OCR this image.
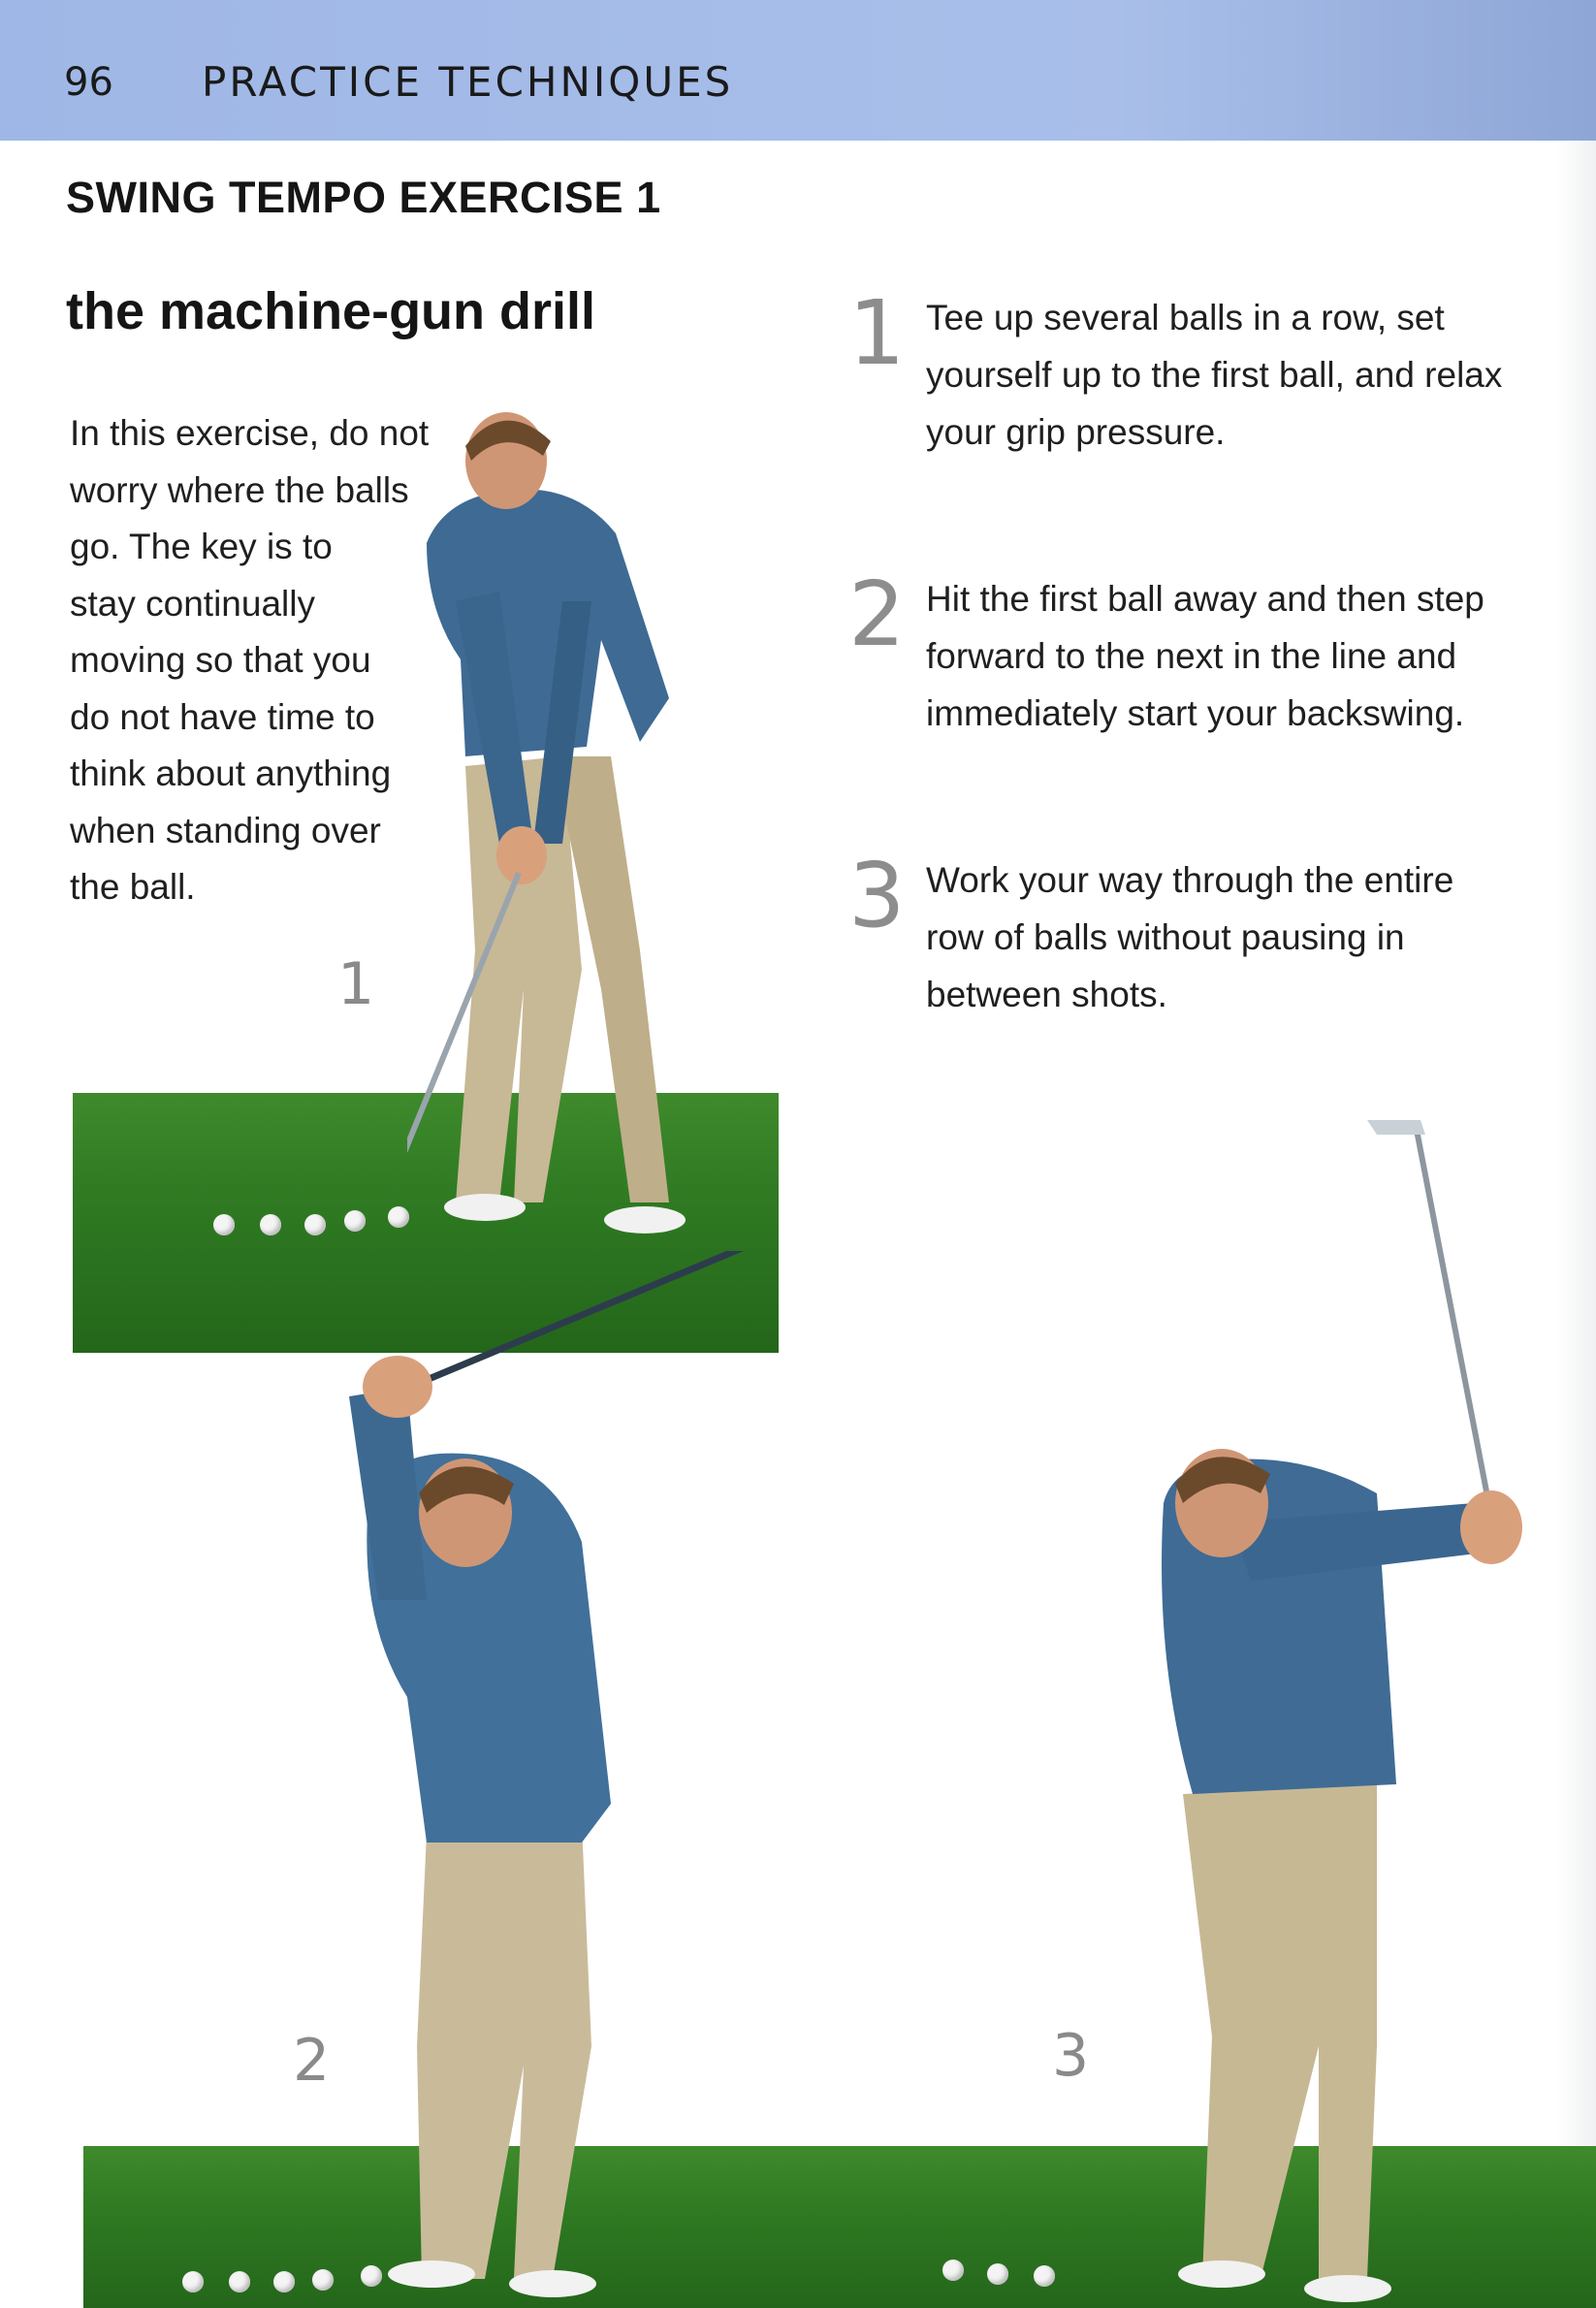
96 PRACTICE TECHNIQUES
SWING TEMPO EXERCISE 1
the machine-gun drill
In this exercise, do not
worry where the balls
go. The key is to
stay continually
moving so that you
do not have time to
think about anything
when standing over
the ball.
1 Tee up several balls in a row, set
yourself up to the first ball, and relax
your grip pressure.
2 Hit the first ball away and then step
forward to the next in the line and
immediately start your backswing.
3 Work your way through the entire
row of balls without pausing in
between shots.
1
2	3
